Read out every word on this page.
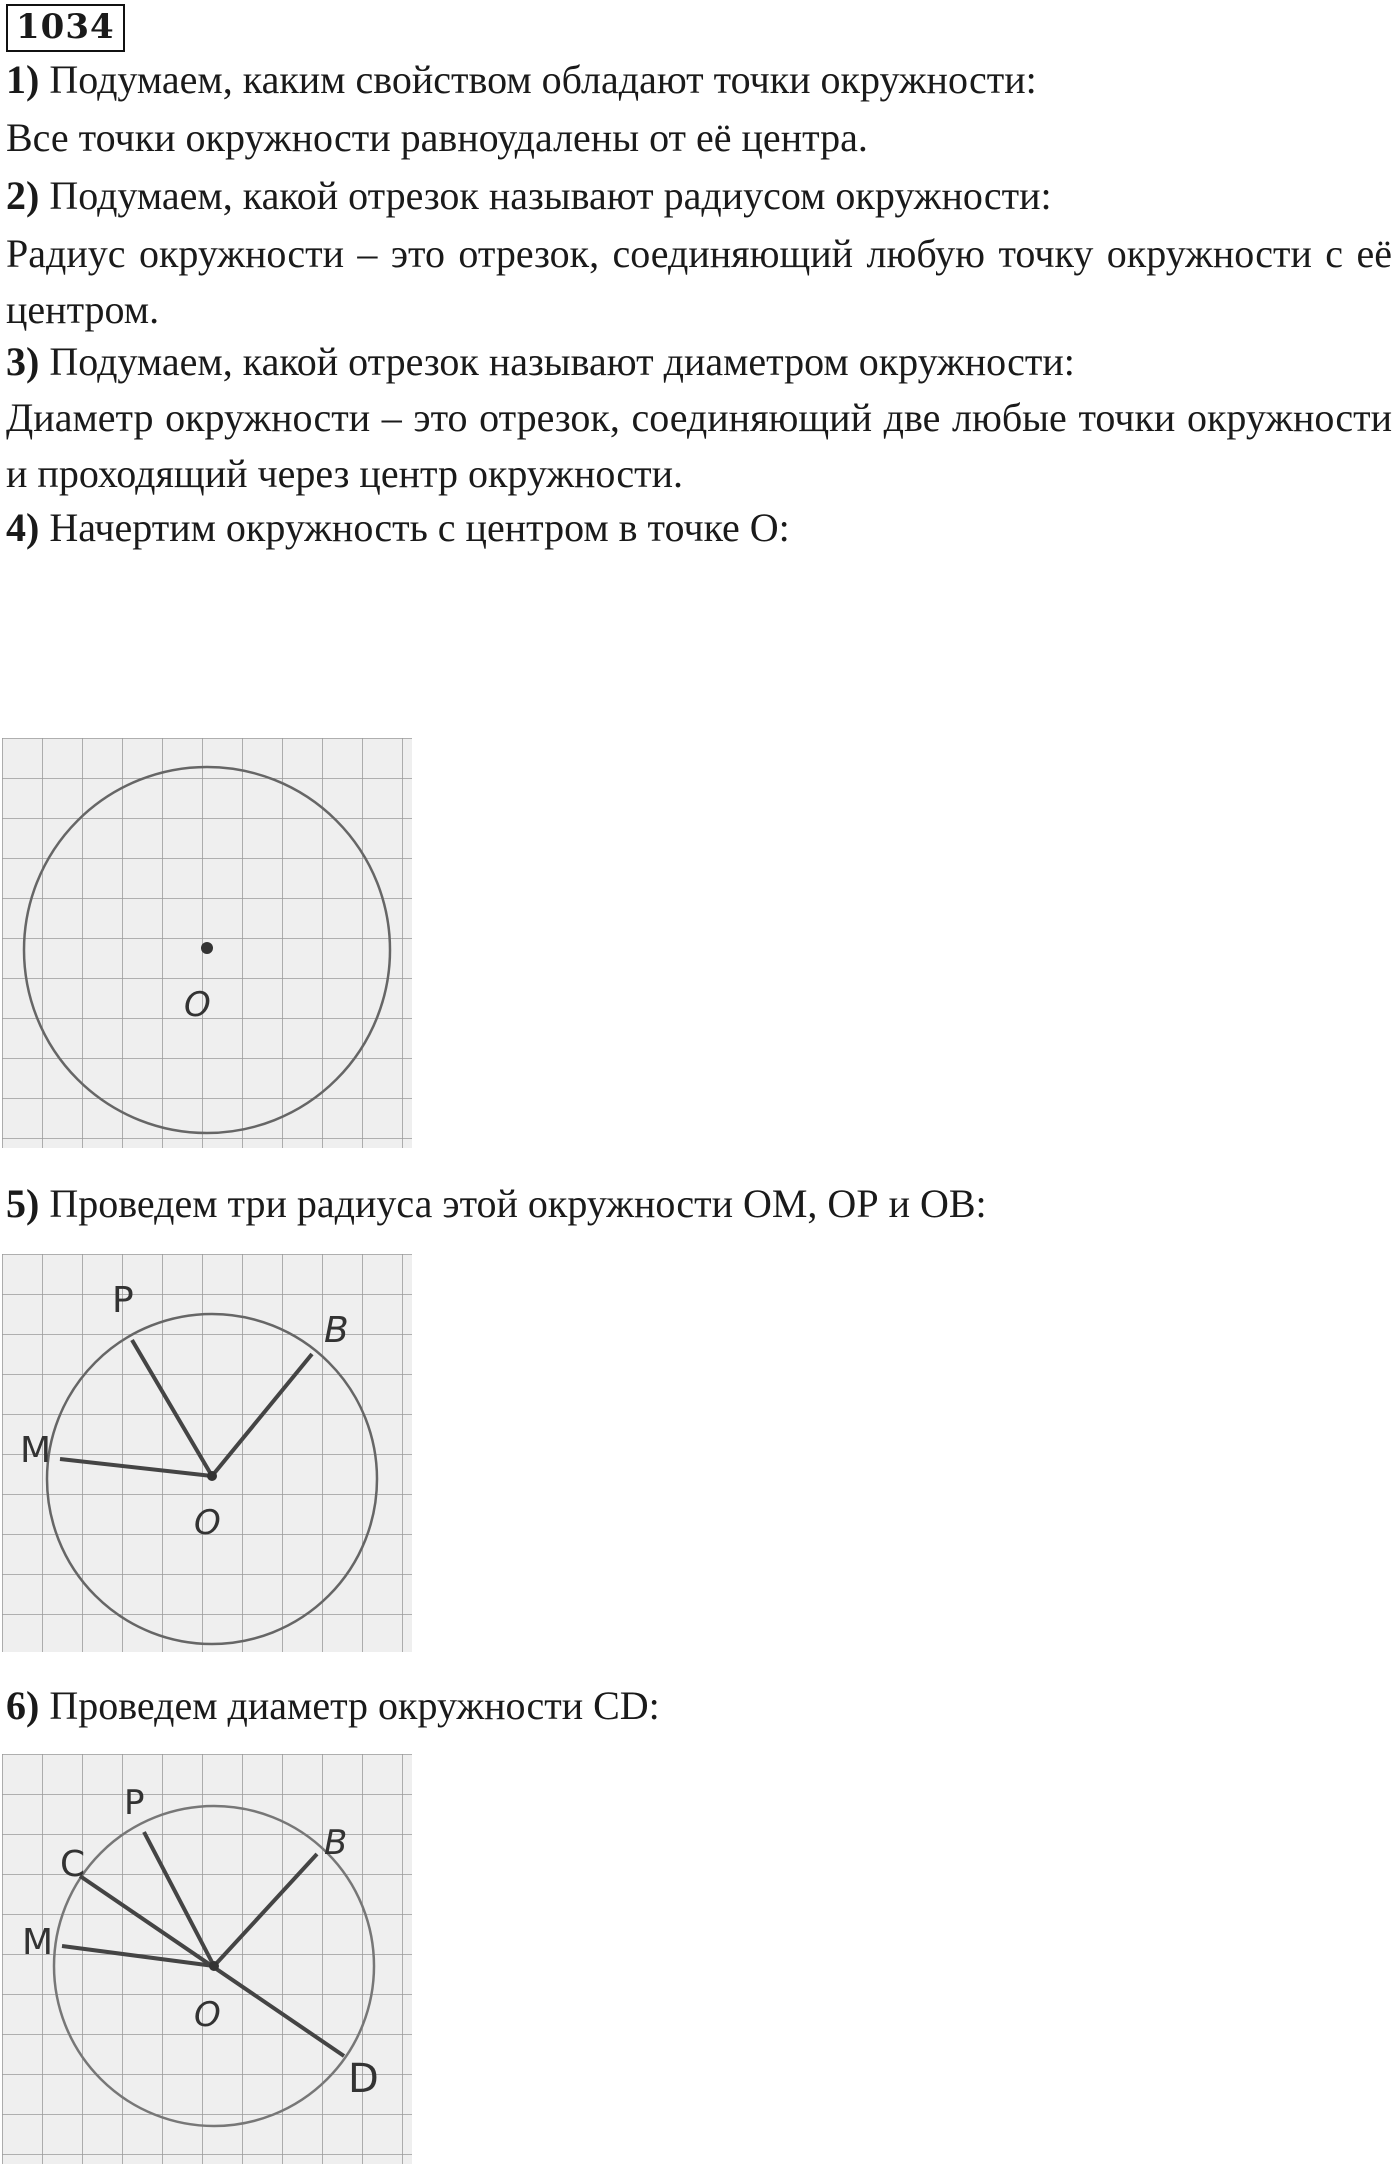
1034
1) Подумаем, каким свойством обладают точки окружности:
Все точки окружности равноудалены от её центра.
2) Подумаем, какой отрезок называют радиусом окружности:
Радиус окружности – это отрезок, соединяющий любую точку окружности с её центром.
3) Подумаем, какой отрезок называют диаметром окружности:
Диаметр окружности – это отрезок, соединяющий две любые точки окружности и проходящий через центр окружности.
4) Начертим окружность с центром в точке О:
O
5) Проведем три радиуса этой окружности ОМ, ОР и ОВ:
P
B
M
O
6) Проведем диаметр окружности CD:
P
B
C
M
O
D
